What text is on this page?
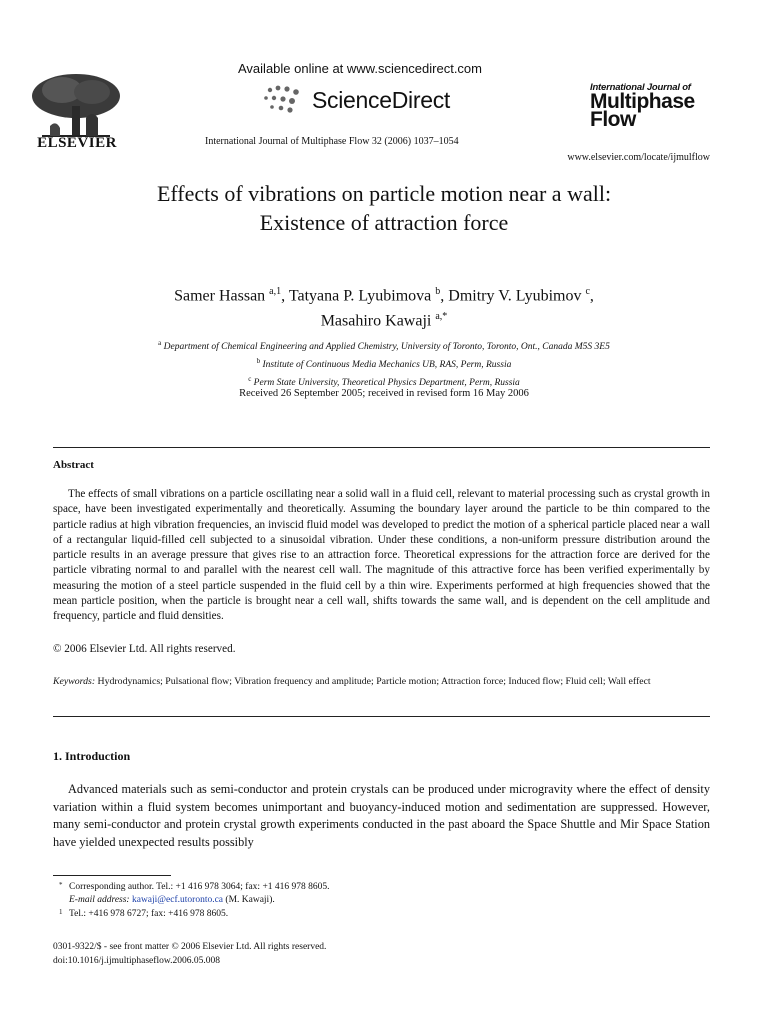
ELSEVIER
Available online at www.sciencedirect.com
ScienceDirect
International Journal of Multiphase Flow 32 (2006) 1037–1054
International Journal of
Multiphase
Flow
www.elsevier.com/locate/ijmulflow
Effects of vibrations on particle motion near a wall:
Existence of attraction force
Samer Hassan $^{a,1}$, Tatyana P. Lyubimova $^b$, Dmitry V. Lyubimov $^c$,
Masahiro Kawaji $^{a,*}$
$^a$ Department of Chemical Engineering and Applied Chemistry, University of Toronto, Toronto, Ont., Canada M5S 3E5
$^b$ Institute of Continuous Media Mechanics UB, RAS, Perm, Russia
$^c$ Perm State University, Theoretical Physics Department, Perm, Russia
Received 26 September 2005; received in revised form 16 May 2006
Abstract

The effects of small vibrations on a particle oscillating near a solid wall in a fluid cell, relevant to material processing such as crystal growth in space, have been investigated experimentally and theoretically. Assuming the boundary layer around the particle to be thin compared to the particle radius at high vibration frequencies, an inviscid fluid model was developed to predict the motion of a spherical particle placed near a wall of a rectangular liquid-filled cell subjected to a sinusoidal vibration. Under these conditions, a non-uniform pressure distribution around the particle results in an average pressure that gives rise to an attraction force. Theoretical expressions for the attraction force are derived for the particle vibrating normal to and parallel with the nearest cell wall. The magnitude of this attractive force has been verified experimentally by measuring the motion of a steel particle suspended in the fluid cell by a thin wire. Experiments performed at high frequencies showed that the mean particle position, when the particle is brought near a cell wall, shifts towards the same wall, and is dependent on the cell amplitude and frequency, particle and fluid densities.

© 2006 Elsevier Ltd. All rights reserved.
Keywords: Hydrodynamics; Pulsational flow; Vibration frequency and amplitude; Particle motion; Attraction force; Induced flow; Fluid cell; Wall effect
1. Introduction

Advanced materials such as semi-conductor and protein crystals can be produced under microgravity where the effect of density variation within a fluid system becomes unimportant and buoyancy-induced motion and sedimentation are suppressed. However, many semi-conductor and protein crystal growth experiments conducted in the past aboard the Space Shuttle and Mir Space Station have yielded unexpected results possibly

* Corresponding author. Tel.: +1 416 978 3064; fax: +1 416 978 8605.
E-mail address: kawaji@ecf.utoronto.ca (M. Kawaji).
1 Tel.: +416 978 6727; fax: +416 978 8605.
0301-9322/$ - see front matter © 2006 Elsevier Ltd. All rights reserved.
doi:10.1016/j.ijmultiphaseflow.2006.05.008
